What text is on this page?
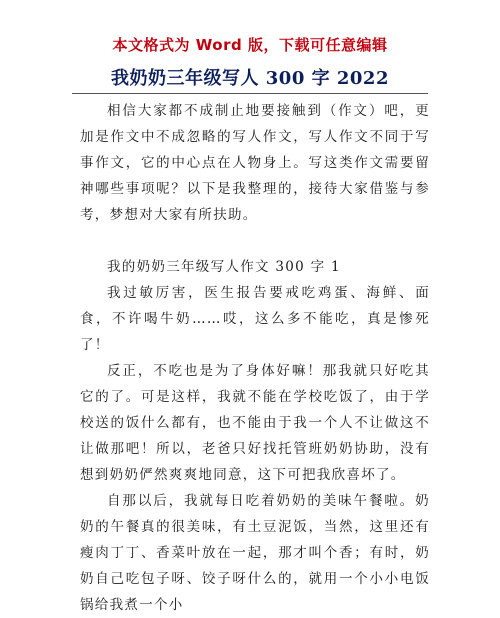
本文格式为 Word 版，下载可任意编辑
我奶奶三年级写人 300 字 2022

相信大家都不成制止地要接触到（作文）吧，更加是作文中不成忽略的写人作文，写人作文不同于写事作文，它的中心点在人物身上。写这类作文需要留神哪些事项呢？以下是我整理的，接待大家借鉴与参考，梦想对大家有所扶助。

我的奶奶三年级写人作文 300 字 1

我过敏厉害，医生报告要戒吃鸡蛋、海鲜、面食，不许喝牛奶……哎，这么多不能吃，真是惨死了！

反正，不吃也是为了身体好嘛！那我就只好吃其它的了。可是这样，我就不能在学校吃饭了，由于学校送的饭什么都有，也不能由于我一个人不让做这不让做那吧！所以，老爸只好找托管班奶奶协助，没有想到奶奶俨然爽爽地同意，这下可把我欣喜坏了。

自那以后，我就每日吃着奶奶的美味午餐啦。奶奶的午餐真的很美味，有土豆泥饭，当然，这里还有瘦肉丁丁、香菜叶放在一起，那才叫个香；有时，奶奶自己吃包子呀、饺子呀什么的，就用一个小小电饭锅给我煮一个小
